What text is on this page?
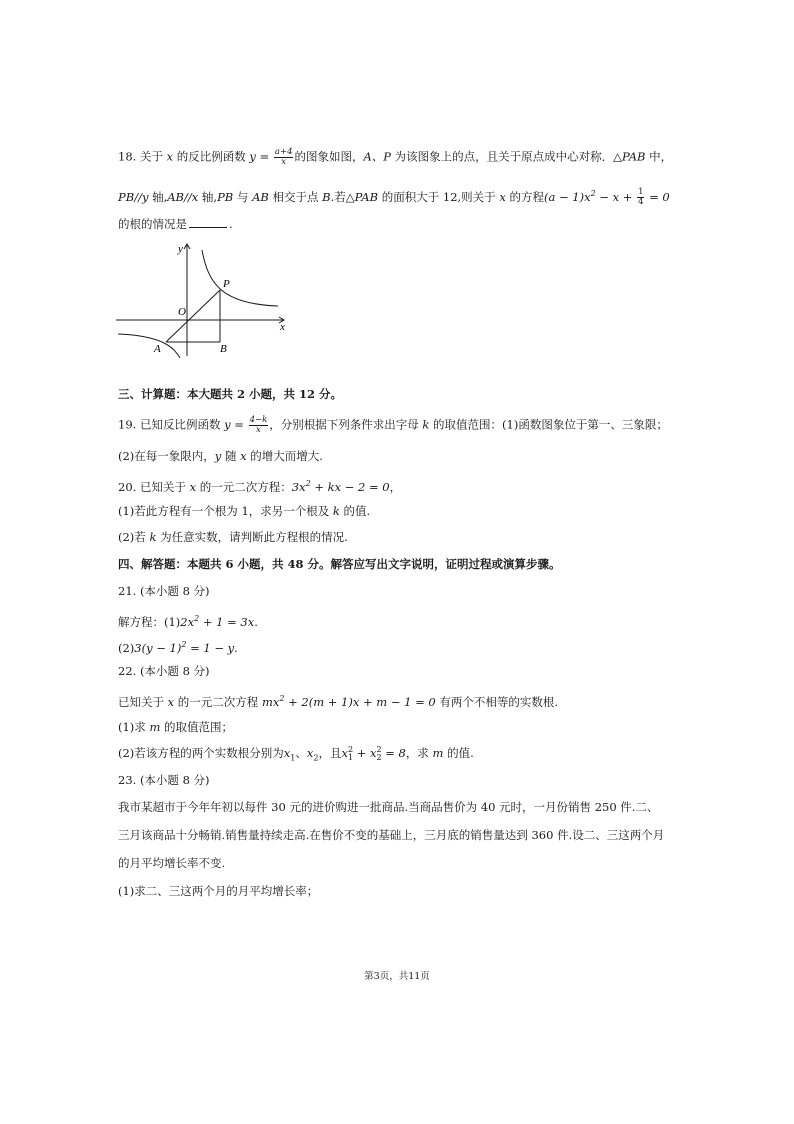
18. 关于 x 的反比例函数 $y = \frac{a+4}{x}$ 的图象如图，A、P 为该图象上的点，且关于原点成中心对称．△PAB 中，
PB//y 轴,AB//x 轴,PB 与 AB 相交于点 B.若△PAB 的面积大于 12,则关于 x 的方程$(a - 1)x^2 - x + \frac{1}{4} = 0$
的根的情况是	.
y
x
O
P
A	B
三、计算题：本大题共 2 小题，共 12 分。
19. 已知反比例函数 $y = \frac{4-k}{x}$ ，分别根据下列条件求出字母 k 的取值范围：(1)函数图象位于第一、三象限；
(2)在每一象限内，y 随 x 的增大而增大.
20. 已知关于 x 的一元二次方程：$3x^2$ + kx − 2 = 0，
(1)若此方程有一个根为 1，求另一个根及 k 的值.
(2)若 k 为任意实数，请判断此方程根的情况.
四、解答题：本题共 6 小题，共 48 分。解答应写出文字说明，证明过程或演算步骤。
21. (本小题 8 分)
解方程：$(1)2x^2 + 1 = 3x$.
$(2)3(y - 1)^2 = 1 - y$.
22. (本小题 8 分)
已知关于 x 的一元二次方程 $mx^2 + 2(m + 1)x + m - 1 = 0$ 有两个不相等的实数根.
(1)求 m 的取值范围；
(2)若该方程的两个实数根分别为$x_1$、$x_2$，且x 2
1 + x 2
2 = 8，求 m 的值.
23. (本小题 8 分)
我市某超市于今年年初以每件 30 元的进价购进一批商品.当商品售价为 40 元时，一月份销售 250 件.二、
三月该商品十分畅销.销售量持续走高.在售价不变的基础上，三月底的销售量达到 360 件.设二、三这两个月
的月平均增长率不变.
(1)求二、三这两个月的月平均增长率；
第3页，共11页
